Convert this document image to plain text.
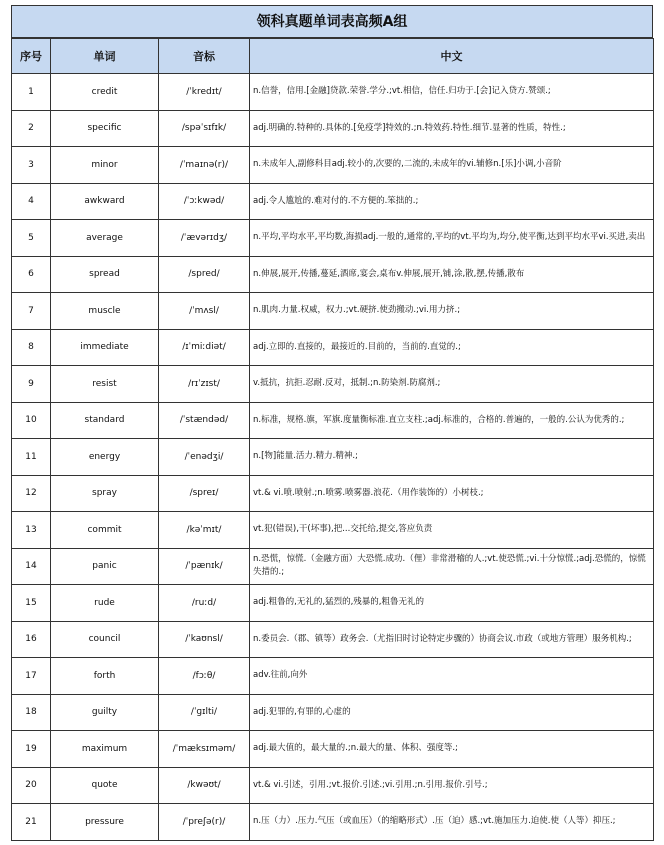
领科真题单词表高频A组
序号	单词	音标	中文
1	credit	/ˈkredɪt/	n.信誉，信用.[金融]贷款.荣誉.学分.;vt.相信，信任.归功于.[会]记入贷方.赞颂.;
2	specific	/spəˈsɪfɪk/	adj.明确的.特种的.具体的.[免疫学]特效的.;n.特效药.特性.细节.显著的性质，特性.;
3	minor	/ˈmaɪnə(r)/	n.未成年人,副修科目adj.较小的,次要的,二流的,未成年的vi.辅修n.[乐]小调,小音阶
4	awkward	/ˈɔːkwəd/	adj.令人尴尬的.难对付的.不方便的.笨拙的.;
5	average	/ˈævərɪdʒ/	n.平均,平均水平,平均数,海损adj.一般的,通常的,平均的vt.平均为,均分,使平衡,达到平均水平vi.买进,卖出
6	spread	/spred/	n.伸展,展开,传播,蔓延,酒席,宴会,桌布v.伸展,展开,铺,涂,散,摆,传播,散布
7	muscle	/ˈmʌsl/	n.肌肉.力量.权威，权力.;vt.硬挤.使劲搬动.;vi.用力挤.;
8	immediate	/ɪˈmiːdiət/	adj.立即的.直接的，最接近的.目前的，当前的.直觉的.;
9	resist	/rɪˈzɪst/	v.抵抗，抗拒.忍耐.反对，抵制.;n.防染剂.防腐剂.;
10	standard	/ˈstændəd/	n.标准，规格.旗，军旗.度量衡标准.直立支柱.;adj.标准的，合格的.普遍的，一般的.公认为优秀的.;
11	energy	/ˈenədʒi/	n.[物]能量.活力.精力.精神.;
12	spray	/spreɪ/	vt.& vi.喷.喷射.;n.喷雾.喷雾器.浪花.（用作装饰的）小树枝.;
13	commit	/kəˈmɪt/	vt.犯(错误),干(坏事),把...交托给,提交,答应负责
14	panic	/ˈpænɪk/	n.恐慌，惊慌.（金融方面）大恐慌.成功.（俚）非常滑稽的人.;vt.使恐慌.;vi.十分惊慌.;adj.恐慌的，惊慌失措的.;
15	rude	/ruːd/	adj.粗鲁的,无礼的,猛烈的,残暴的,粗鲁无礼的
16	council	/ˈkaʊnsl/	n.委员会.（郡、镇等）政务会.（尤指旧时讨论特定步骤的）协商会议.市政（或地方管理）服务机构.;
17	forth	/fɔːθ/	adv.往前,向外
18	guilty	/ˈɡɪlti/	adj.犯罪的,有罪的,心虚的
19	maximum	/ˈmæksɪməm/	adj.最大值的，最大量的.;n.最大的量、体积、强度等.;
20	quote	/kwəʊt/	vt.& vi.引述，引用.;vt.报价.引述.;vi.引用.;n.引用.报价.引号.;
21	pressure	/ˈpreʃə(r)/	n.压（力）.压力.气压（或血压）（的缩略形式）.压（迫）感.;vt.施加压力.迫使.使（人等）抑压.;
